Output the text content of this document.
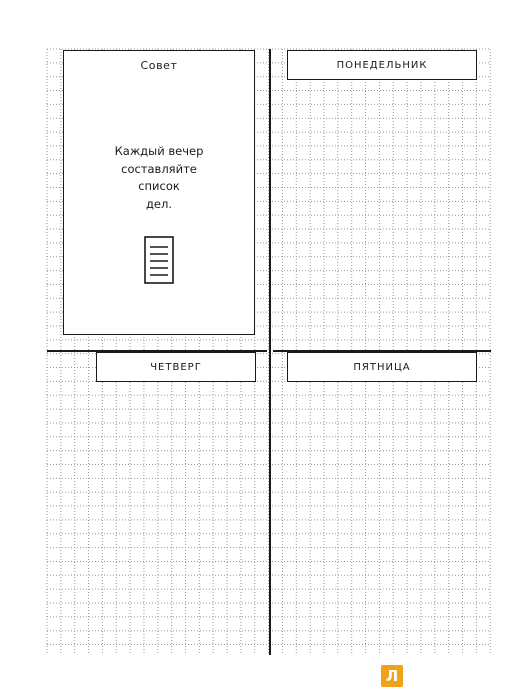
Совет	ПОНЕДЕЛЬНИК
ЧЕТВЕРГ	ПЯТНИЦА
Каждый вечер
составляйте
список
дел.
Л
